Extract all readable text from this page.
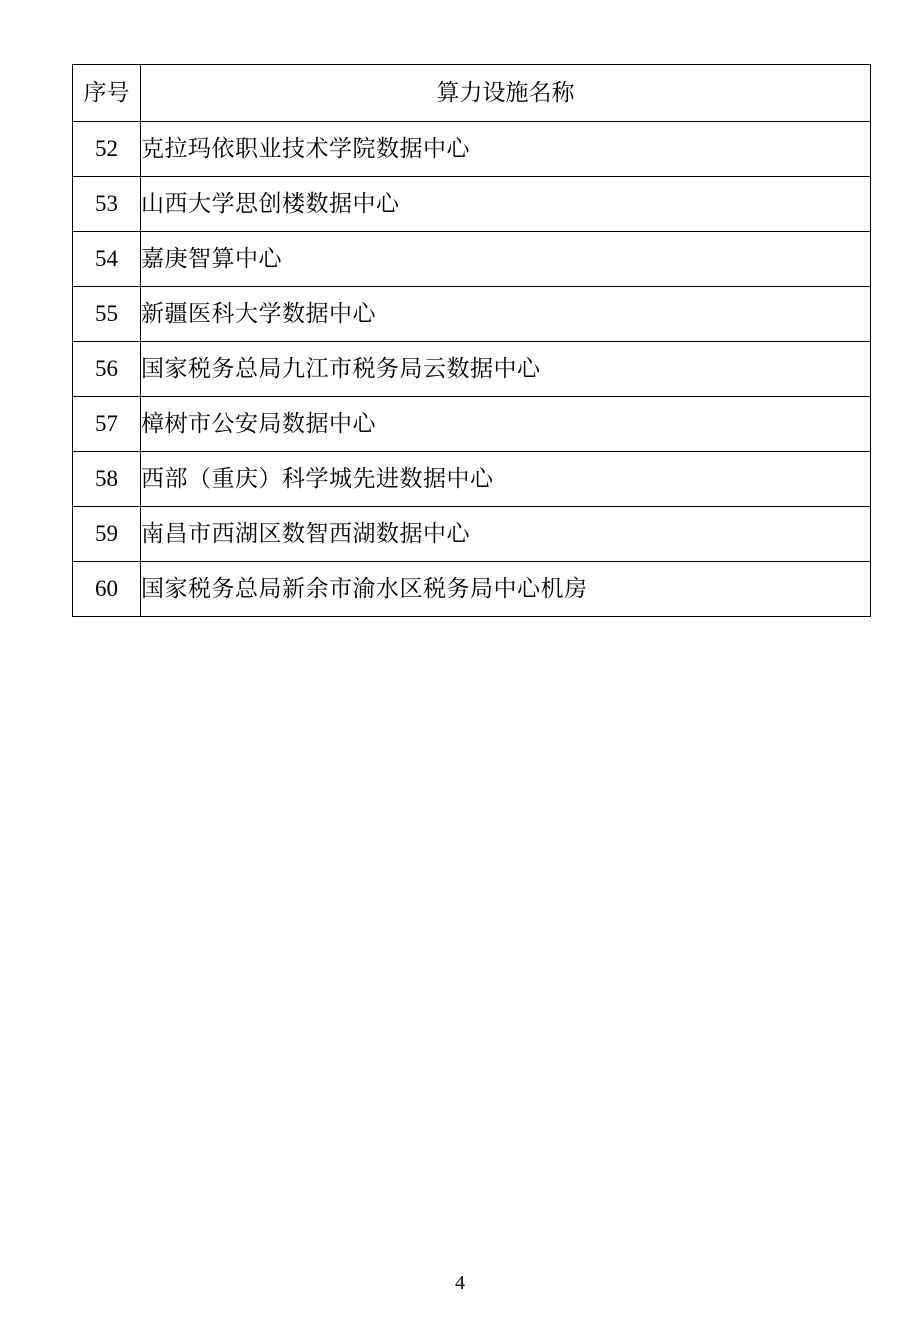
序号	算力设施名称
52	克拉玛依职业技术学院数据中心
53	山西大学思创楼数据中心
54	嘉庚智算中心
55	新疆医科大学数据中心
56	国家税务总局九江市税务局云数据中心
57	樟树市公安局数据中心
58	西部（重庆）科学城先进数据中心
59	南昌市西湖区数智西湖数据中心
60	国家税务总局新余市渝水区税务局中心机房
4
